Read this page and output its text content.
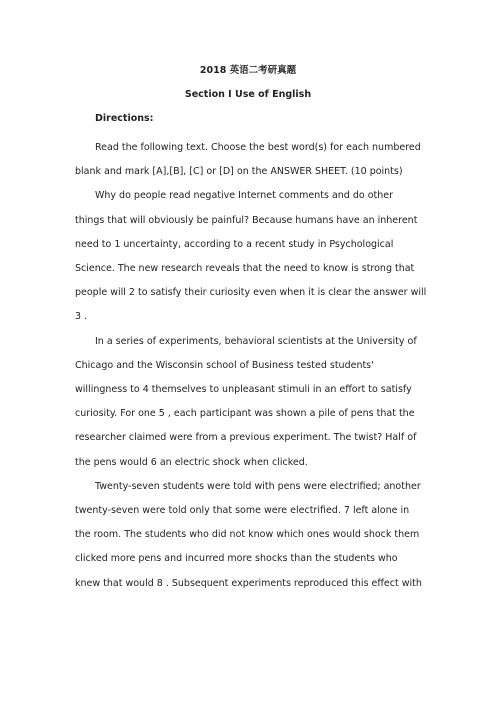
2018 英语二考研真题
Section I Use of English
Directions:
Read the following text. Choose the best word(s) for each numbered
blank and mark [A],[B], [C] or [D] on the ANSWER SHEET. (10 points)
Why do people read negative Internet comments and do other
things that will obviously be painful? Because humans have an inherent
need to 1 uncertainty, according to a recent study in Psychological
Science. The new research reveals that the need to know is strong that
people will 2 to satisfy their curiosity even when it is clear the answer will
3 .
In a series of experiments, behavioral scientists at the University of
Chicago and the Wisconsin school of Business tested students'
willingness to 4 themselves to unpleasant stimuli in an effort to satisfy
curiosity. For one 5 , each participant was shown a pile of pens that the
researcher claimed were from a previous experiment. The twist? Half of
the pens would 6 an electric shock when clicked.
Twenty-seven students were told with pens were electrified; another
twenty-seven were told only that some were electrified. 7 left alone in
the room. The students who did not know which ones would shock them
clicked more pens and incurred more shocks than the students who
knew that would 8 . Subsequent experiments reproduced this effect with
